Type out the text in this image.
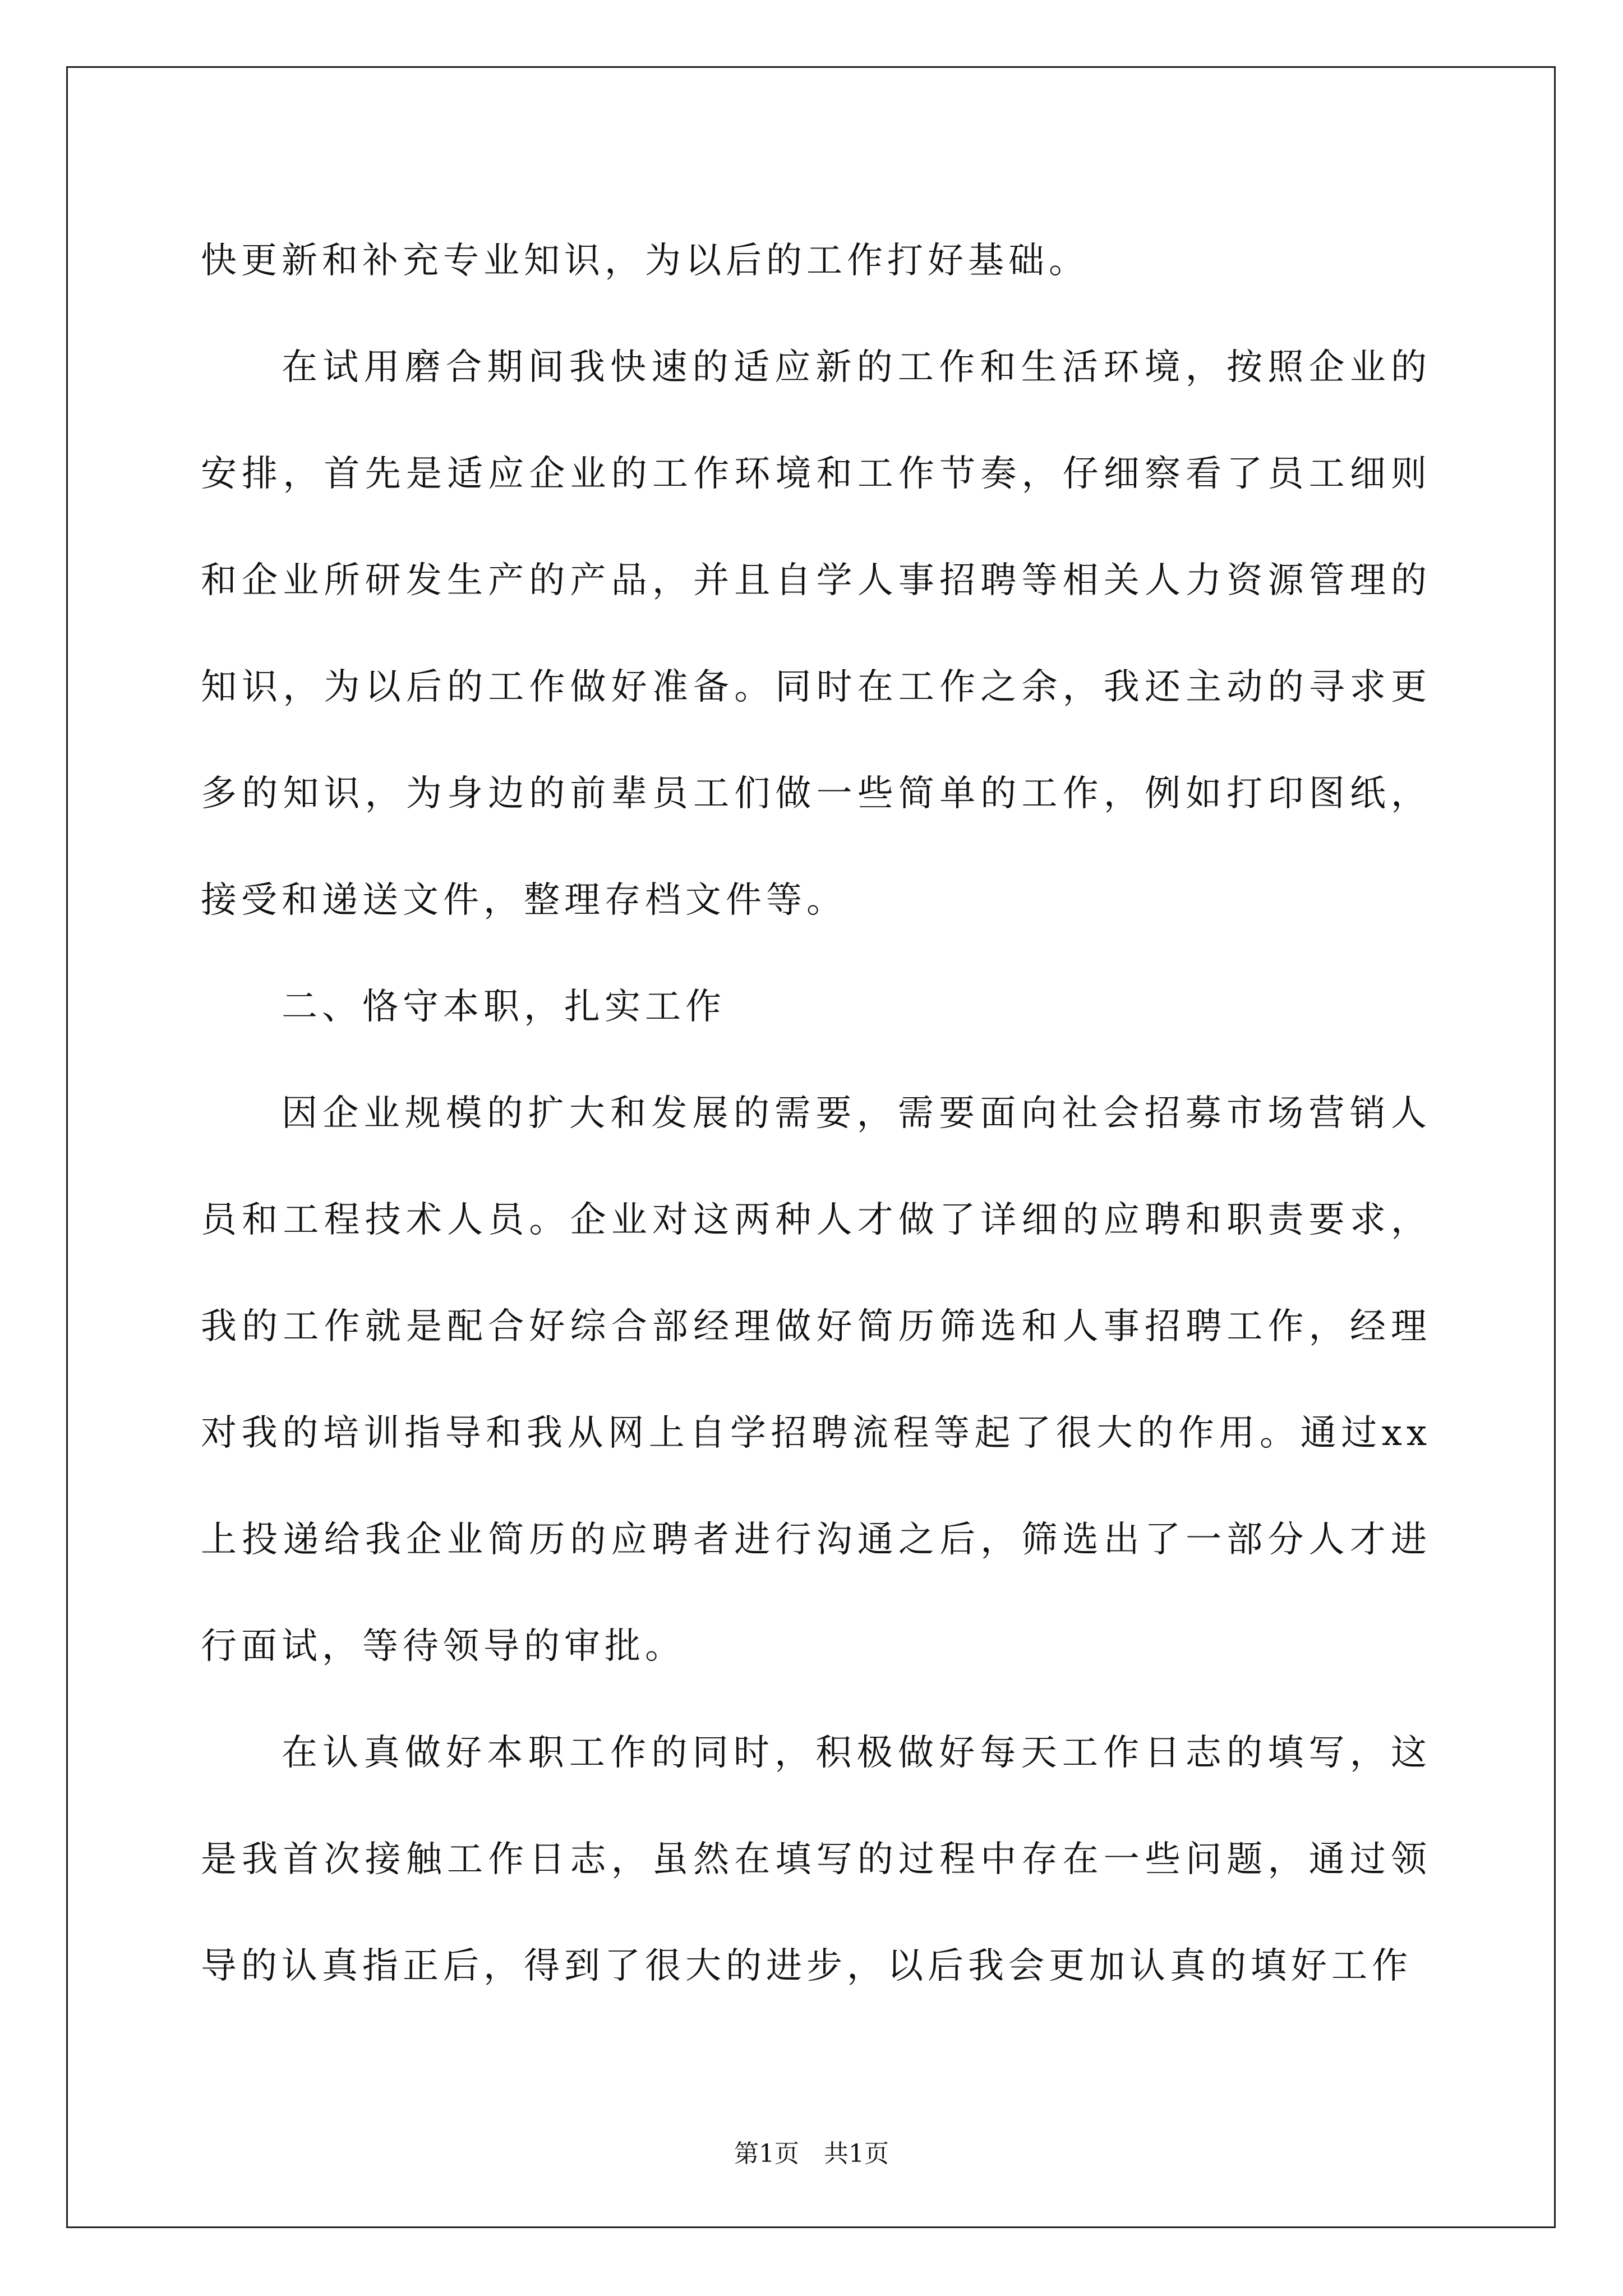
快更新和补充专业知识，为以后的工作打好基础。

在试用磨合期间我快速的适应新的工作和生活环境，按照企业的安排，首先是适应企业的工作环境和工作节奏，仔细察看了员工细则和企业所研发生产的产品，并且自学人事招聘等相关人力资源管理的知识，为以后的工作做好准备。同时在工作之余，我还主动的寻求更多的知识，为身边的前辈员工们做一些简单的工作，例如打印图纸，接受和递送文件，整理存档文件等。

二、恪守本职，扎实工作

因企业规模的扩大和发展的需要，需要面向社会招募市场营销人员和工程技术人员。企业对这两种人才做了详细的应聘和职责要求，我的工作就是配合好综合部经理做好简历筛选和人事招聘工作，经理对我的培训指导和我从网上自学招聘流程等起了很大的作用。通过xx上投递给我企业简历的应聘者进行沟通之后，筛选出了一部分人才进行面试，等待领导的审批。

在认真做好本职工作的同时，积极做好每天工作日志的填写，这是我首次接触工作日志，虽然在填写的过程中存在一些问题，通过领导的认真指正后，得到了很大的进步，以后我会更加认真的填好工作

第1页 共1页
